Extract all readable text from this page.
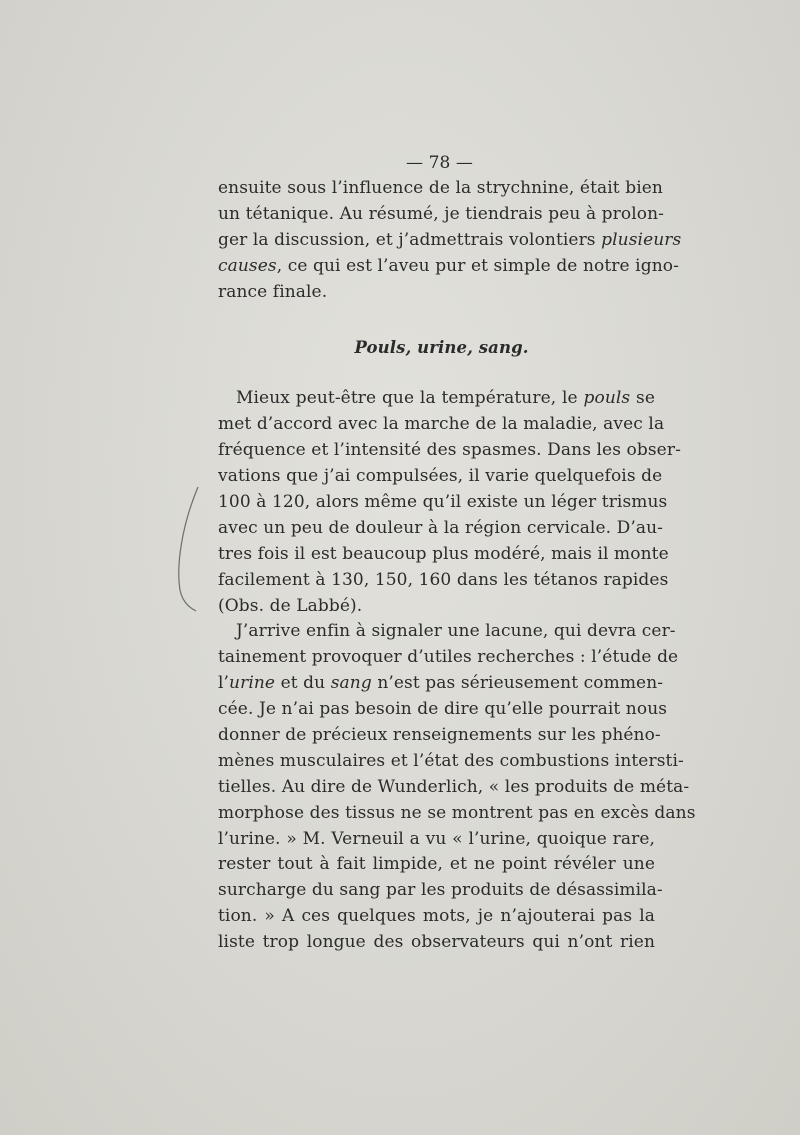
— 78 —
ensuite sous l’influence de la strychnine, était bien
un tétanique. Au résumé, je tiendrais peu à prolon-
ger la discussion, et j’admettrais volontiers plusieurs
causes, ce qui est l’aveu pur et simple de notre igno-
rance finale.
Pouls, urine, sang.
Mieux peut-être que la température, le pouls se
met d’accord avec la marche de la maladie, avec la
fréquence et l’intensité des spasmes. Dans les obser-
vations que j’ai compulsées, il varie quelquefois de
100 à 120, alors même qu’il existe un léger trismus
avec un peu de douleur à la région cervicale. D’au-
tres fois il est beaucoup plus modéré, mais il monte
facilement à 130, 150, 160 dans les tétanos rapides
(Obs. de Labbé).
J’arrive enfin à signaler une lacune, qui devra cer-
tainement provoquer d’utiles recherches : l’étude de
l’urine et du sang n’est pas sérieusement commen-
cée. Je n’ai pas besoin de dire qu’elle pourrait nous
donner de précieux renseignements sur les phéno-
mènes musculaires et l’état des combustions intersti-
tielles. Au dire de Wunderlich, « les produits de méta-
morphose des tissus ne se montrent pas en excès dans
l’urine. » M. Verneuil a vu « l’urine, quoique rare,
rester tout à fait limpide, et ne point révéler une
surcharge du sang par les produits de désassimila-
tion. » A ces quelques mots, je n’ajouterai pas la
liste trop longue des observateurs qui n’ont rien
